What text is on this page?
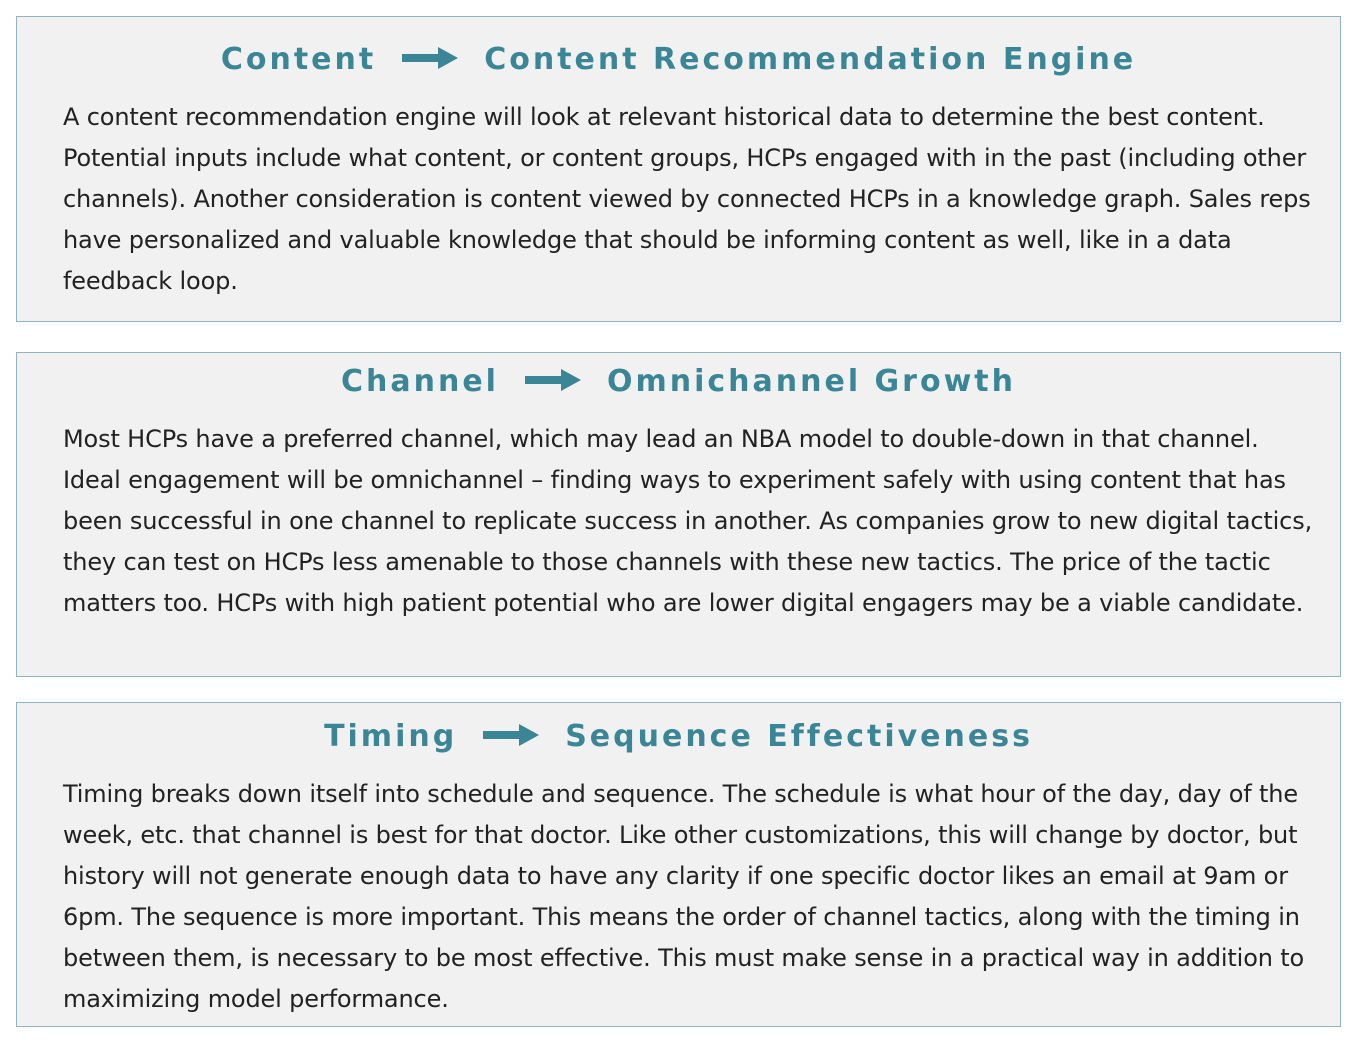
Content	Content Recommendation Engine

A content recommendation engine will look at relevant historical data to determine the best content. Potential inputs include what content, or content groups, HCPs engaged with in the past (including other channels). Another consideration is content viewed by connected HCPs in a knowledge graph. Sales reps have personalized and valuable knowledge that should be informing content as well, like in a data feedback loop.

Channel	Omnichannel Growth

Most HCPs have a preferred channel, which may lead an NBA model to double-down in that channel. Ideal engagement will be omnichannel – finding ways to experiment safely with using content that has been successful in one channel to replicate success in another. As companies grow to new digital tactics, they can test on HCPs less amenable to those channels with these new tactics. The price of the tactic matters too. HCPs with high patient potential who are lower digital engagers may be a viable candidate.

Timing	Sequence Effectiveness

Timing breaks down itself into schedule and sequence. The schedule is what hour of the day, day of the week, etc. that channel is best for that doctor. Like other customizations, this will change by doctor, but history will not generate enough data to have any clarity if one specific doctor likes an email at 9am or 6pm. The sequence is more important. This means the order of channel tactics, along with the timing in between them, is necessary to be most effective. This must make sense in a practical way in addition to maximizing model performance.
